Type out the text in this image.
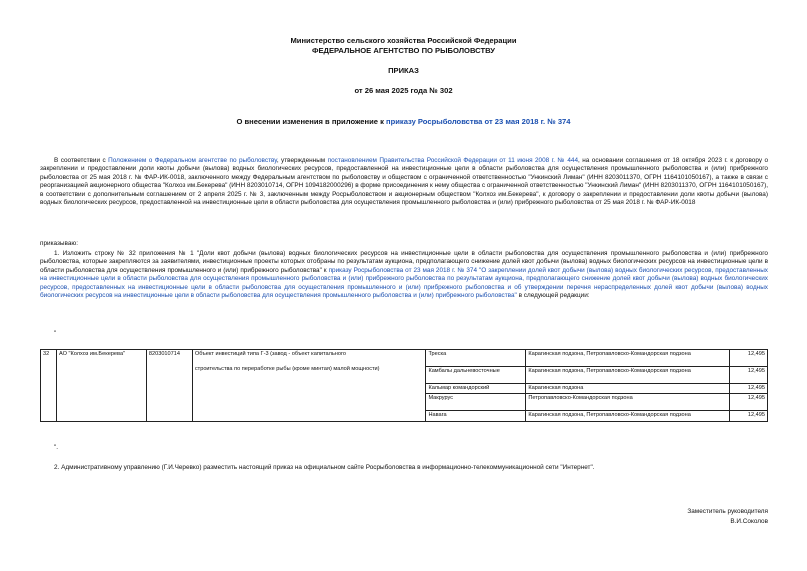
Министерство сельского хозяйства Российской Федерации
ФЕДЕРАЛЬНОЕ АГЕНТСТВО ПО РЫБОЛОВСТВУ
ПРИКАЗ
от 26 мая 2025 года № 302
О внесении изменения в приложение к приказу Росрыболовства от 23 мая 2018 г. № 374
В соответствии с Положением о Федеральном агентстве по рыболовству, утвержденным постановлением Правительства Российской Федерации от 11 июня 2008 г. № 444, на основании соглашения от 18 октября 2023 г. к договору о закреплении и предоставлении доли квоты добычи (вылова) водных биологических ресурсов, предоставленной на инвестиционные цели в области рыболовства для осуществления промышленного рыболовства и (или) прибрежного рыболовства от 25 мая 2018 г. № ФАР-ИК-0018, заключенного между Федеральным агентством по рыболовству и обществом с ограниченной ответственностью "Ункинский Лиман" (ИНН 8203011370, ОГРН 1164101050167), а также в связи с реорганизацией акционерного общества "Колхоз им.Бекерева" (ИНН 8203010714, ОГРН 1094182000296) в форме присоединения к нему общества с ограниченной ответственностью "Ункинский Лиман" (ИНН 8203011370, ОГРН 1164101050167), в соответствии с дополнительным соглашением от 2 апреля 2025 г. № 3, заключенным между Росрыболовством и акционерным обществом "Колхоз им.Бекерева", к договору о закреплении и предоставлении доли квоты добычи (вылова) водных биологических ресурсов, предоставленной на инвестиционные цели в области рыболовства для осуществления промышленного рыболовства и (или) прибрежного рыболовства от 25 мая 2018 г. № ФАР-ИК-0018
приказываю:
1. Изложить строку № 32 приложения № 1 "Доли квот добычи (вылова) водных биологических ресурсов на инвестиционные цели в области рыболовства для осуществления промышленного рыболовства и (или) прибрежного рыболовства, которые закрепляются за заявителями, инвестиционные проекты которых отобраны по результатам аукциона, предполагающего снижение долей квот добычи (вылова) водных биологических ресурсов на инвестиционные цели в области рыболовства для осуществления промышленного и (или) прибрежного рыболовства" к приказу Росрыболовства от 23 мая 2018 г. № 374 "О закреплении долей квот добычи (вылова) водных биологических ресурсов, предоставленных на инвестиционные цели в области рыболовства для осуществления промышленного рыболовства и (или) прибрежного рыболовства по результатам аукциона, предполагающего снижение долей квот добычи (вылова) водных биологических ресурсов, предоставленных на инвестиционные цели в области рыболовства для осуществления промышленного и (или) прибрежного рыболовства и об утверждении перечня нераспределенных долей квот добычи (вылова) водных биологических ресурсов на инвестиционные цели в области рыболовства для осуществления промышленного рыболовства и (или) прибрежного рыболовства" в следующей редакции:
"
32	АО "Колхоз им.Бекерева"	8203010714	Объект инвестиций типа Г-3 (завод - объект капитального
строительства по переработке рыбы (кроме минтая) малой мощности)	Треска	Карагинская подзона, Петропавловско-Командорская подзона	12,495
				Камбалы дальневосточные	Карагинская подзона, Петропавловско-Командорская подзона	12,495
				Кальмар командорский	Карагинская подзона	12,495
				Макрурус	Петропавловско-Командорская подзона	12,495
				Навага	Карагинская подзона, Петропавловско-Командорская подзона	12,495
".
2. Административному управлению (Г.И.Черевко) разместить настоящий приказ на официальном сайте Росрыболовства в информационно-телекоммуникационной сети "Интернет".
Заместитель руководителя
В.И.Соколов
